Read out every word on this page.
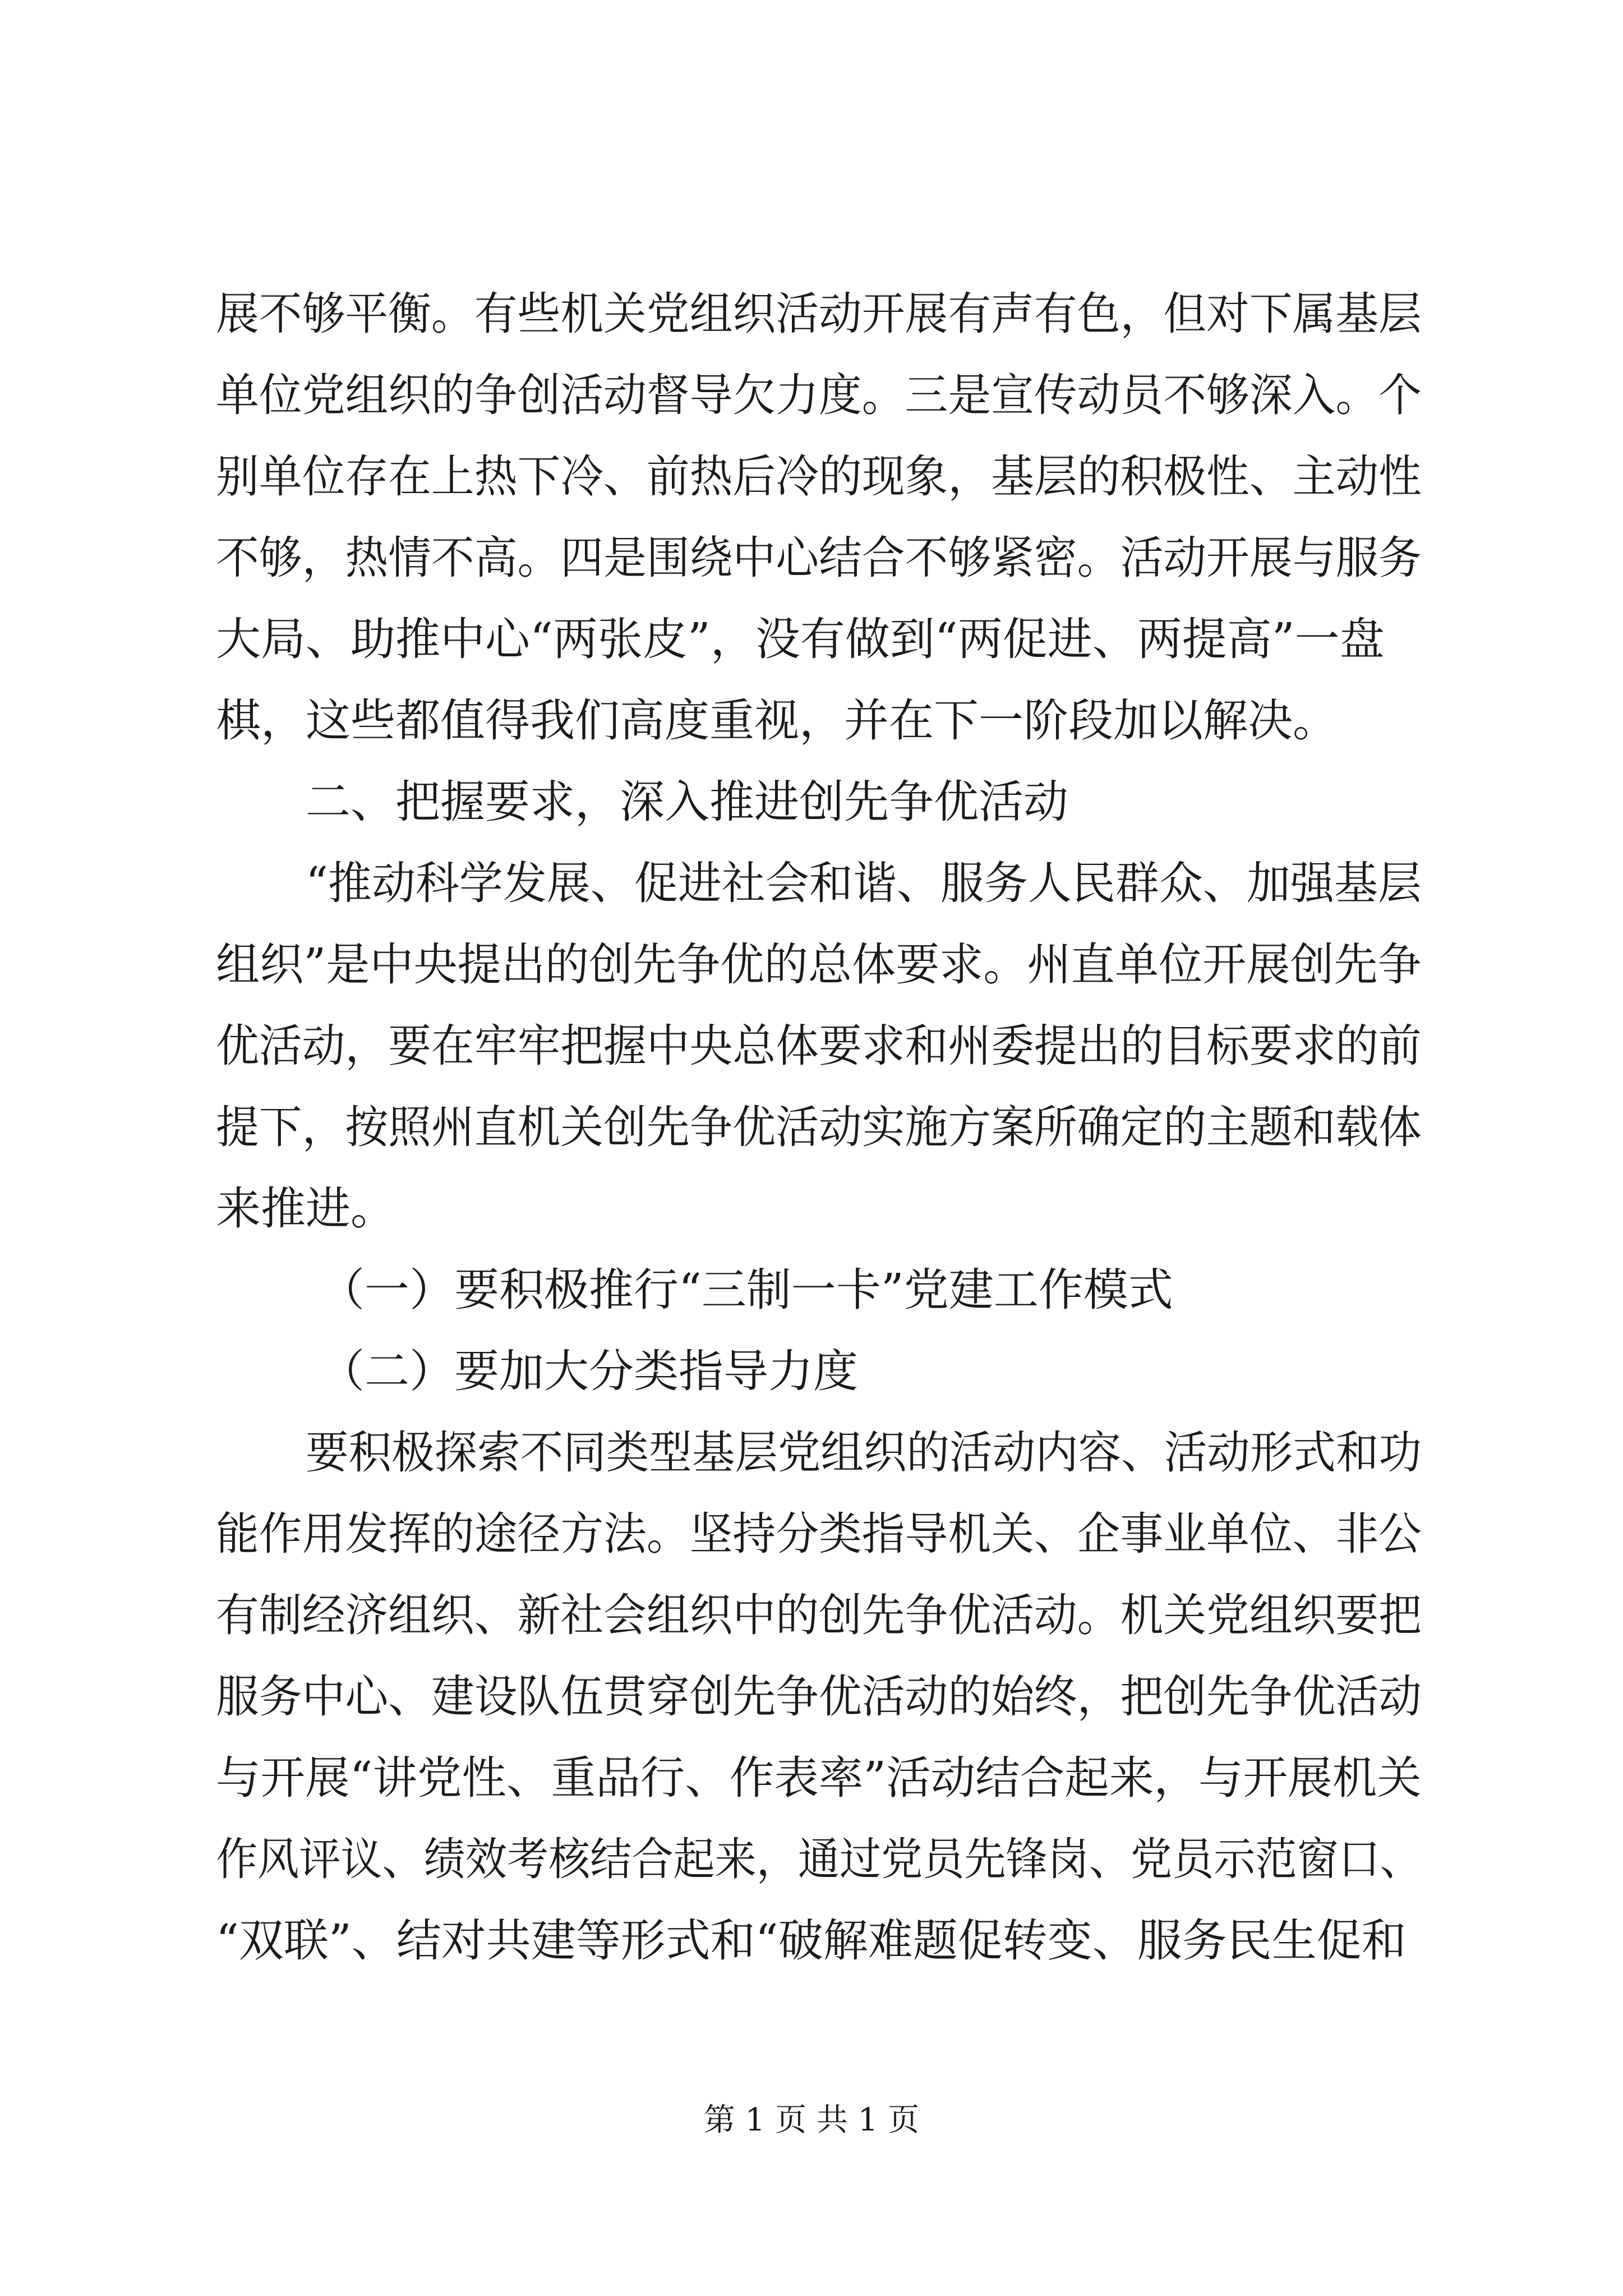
展不够平衡。有些机关党组织活动开展有声有色，但对下属基层
单位党组织的争创活动督导欠力度。三是宣传动员不够深入。个
别单位存在上热下冷、前热后冷的现象，基层的积极性、主动性
不够，热情不高。四是围绕中心结合不够紧密。活动开展与服务
大局、助推中心“两张皮”，没有做到“两促进、两提高”一盘
棋，这些都值得我们高度重视，并在下一阶段加以解决。
二、把握要求，深入推进创先争优活动
“推动科学发展、促进社会和谐、服务人民群众、加强基层
组织”是中央提出的创先争优的总体要求。州直单位开展创先争
优活动，要在牢牢把握中央总体要求和州委提出的目标要求的前
提下，按照州直机关创先争优活动实施方案所确定的主题和载体
来推进。
（一）要积极推行“三制一卡”党建工作模式
（二）要加大分类指导力度
要积极探索不同类型基层党组织的活动内容、活动形式和功
能作用发挥的途径方法。坚持分类指导机关、企事业单位、非公
有制经济组织、新社会组织中的创先争优活动。机关党组织要把
服务中心、建设队伍贯穿创先争优活动的始终，把创先争优活动
与开展“讲党性、重品行、作表率”活动结合起来，与开展机关
作风评议、绩效考核结合起来，通过党员先锋岗、党员示范窗口、
“双联”、结对共建等形式和“破解难题促转变、服务民生促和
第 1 页 共 1 页
